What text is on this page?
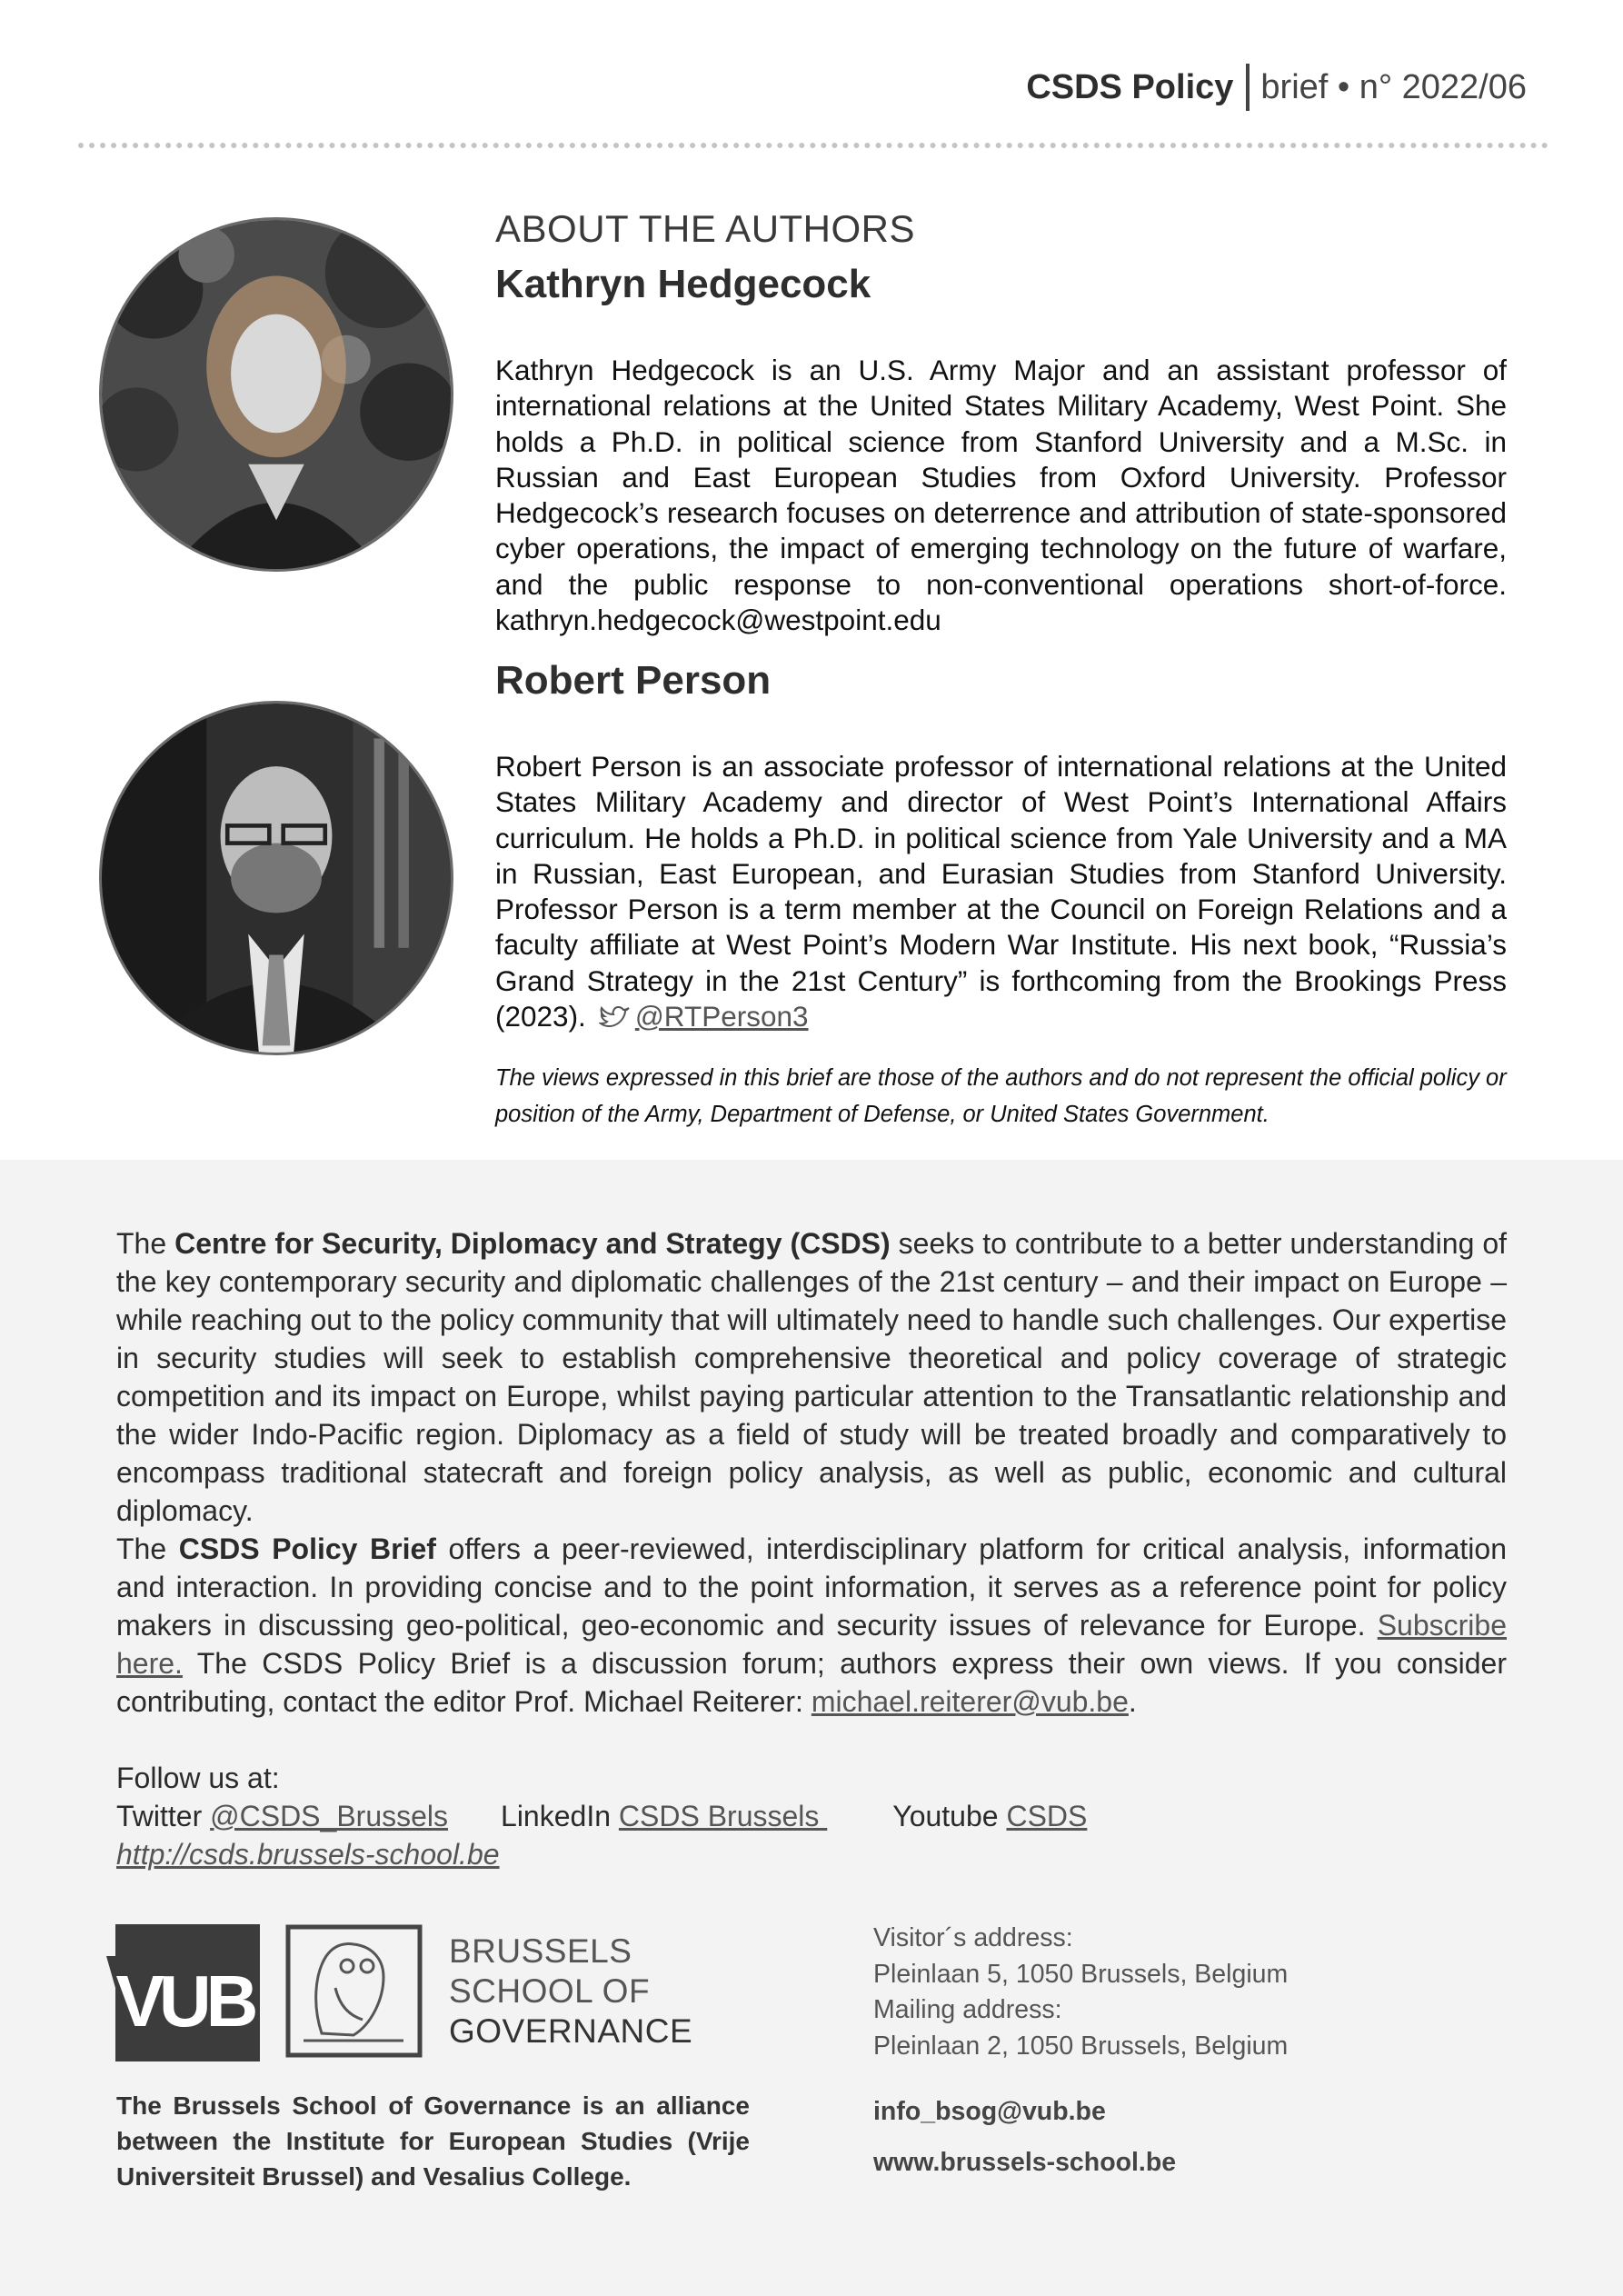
CSDS Policy brief • n° 2022/06
ABOUT THE AUTHORS
Kathryn Hedgecock
Kathryn Hedgecock is an U.S. Army Major and an assistant professor of international relations at the United States Military Academy, West Point. She holds a Ph.D. in political science from Stanford University and a M.Sc. in Russian and East European Studies from Oxford University. Professor Hedgecock’s research focuses on deterrence and attribution of state-sponsored cyber operations, the impact of emerging technology on the future of warfare, and the public response to non-conventional operations short-of-force. kathryn.hedgecock@westpoint.edu
Robert Person
Robert Person is an associate professor of international relations at the United States Military Academy and director of West Point’s International Affairs curriculum. He holds a Ph.D. in political science from Yale University and a MA in Russian, East European, and Eurasian Studies from Stanford University. Professor Person is a term member at the Council on Foreign Relations and a faculty affiliate at West Point’s Modern War Institute. His next book, “Russia’s Grand Strategy in the 21st Century” is forthcoming from the Brookings Press (2023). @RTPerson3
The views expressed in this brief are those of the authors and do not represent the official policy or position of the Army, Department of Defense, or United States Government.
The Centre for Security, Diplomacy and Strategy (CSDS) seeks to contribute to a better understanding of the key contemporary security and diplomatic challenges of the 21st century – and their impact on Europe – while reaching out to the policy community that will ultimately need to handle such challenges. Our expertise in security studies will seek to establish comprehensive theoretical and policy coverage of strategic competition and its impact on Europe, whilst paying particular attention to the Transatlantic relationship and the wider Indo-Pacific region. Diplomacy as a field of study will be treated broadly and comparatively to encompass traditional statecraft and foreign policy analysis, as well as public, economic and cultural diplomacy.
The CSDS Policy Brief offers a peer-reviewed, interdisciplinary platform for critical analysis, information and interaction. In providing concise and to the point information, it serves as a reference point for policy makers in discussing geo-political, geo-economic and security issues of relevance for Europe. Subscribe here. The CSDS Policy Brief is a discussion forum; authors express their own views. If you consider contributing, contact the editor Prof. Michael Reiterer: michael.reiterer@vub.be.
Follow us at:
Twitter @CSDS_Brussels LinkedIn CSDS Brussels Youtube CSDS
http://csds.brussels-school.be
VUB
BRUSSELS
SCHOOL OF
GOVERNANCE
The Brussels School of Governance is an alliance between the Institute for European Studies (Vrije Universiteit Brussel) and Vesalius College.
Visitor´s address:
Pleinlaan 5, 1050 Brussels, Belgium
Mailing address:
Pleinlaan 2, 1050 Brussels, Belgium
info_bsog@vub.be
www.brussels-school.be
